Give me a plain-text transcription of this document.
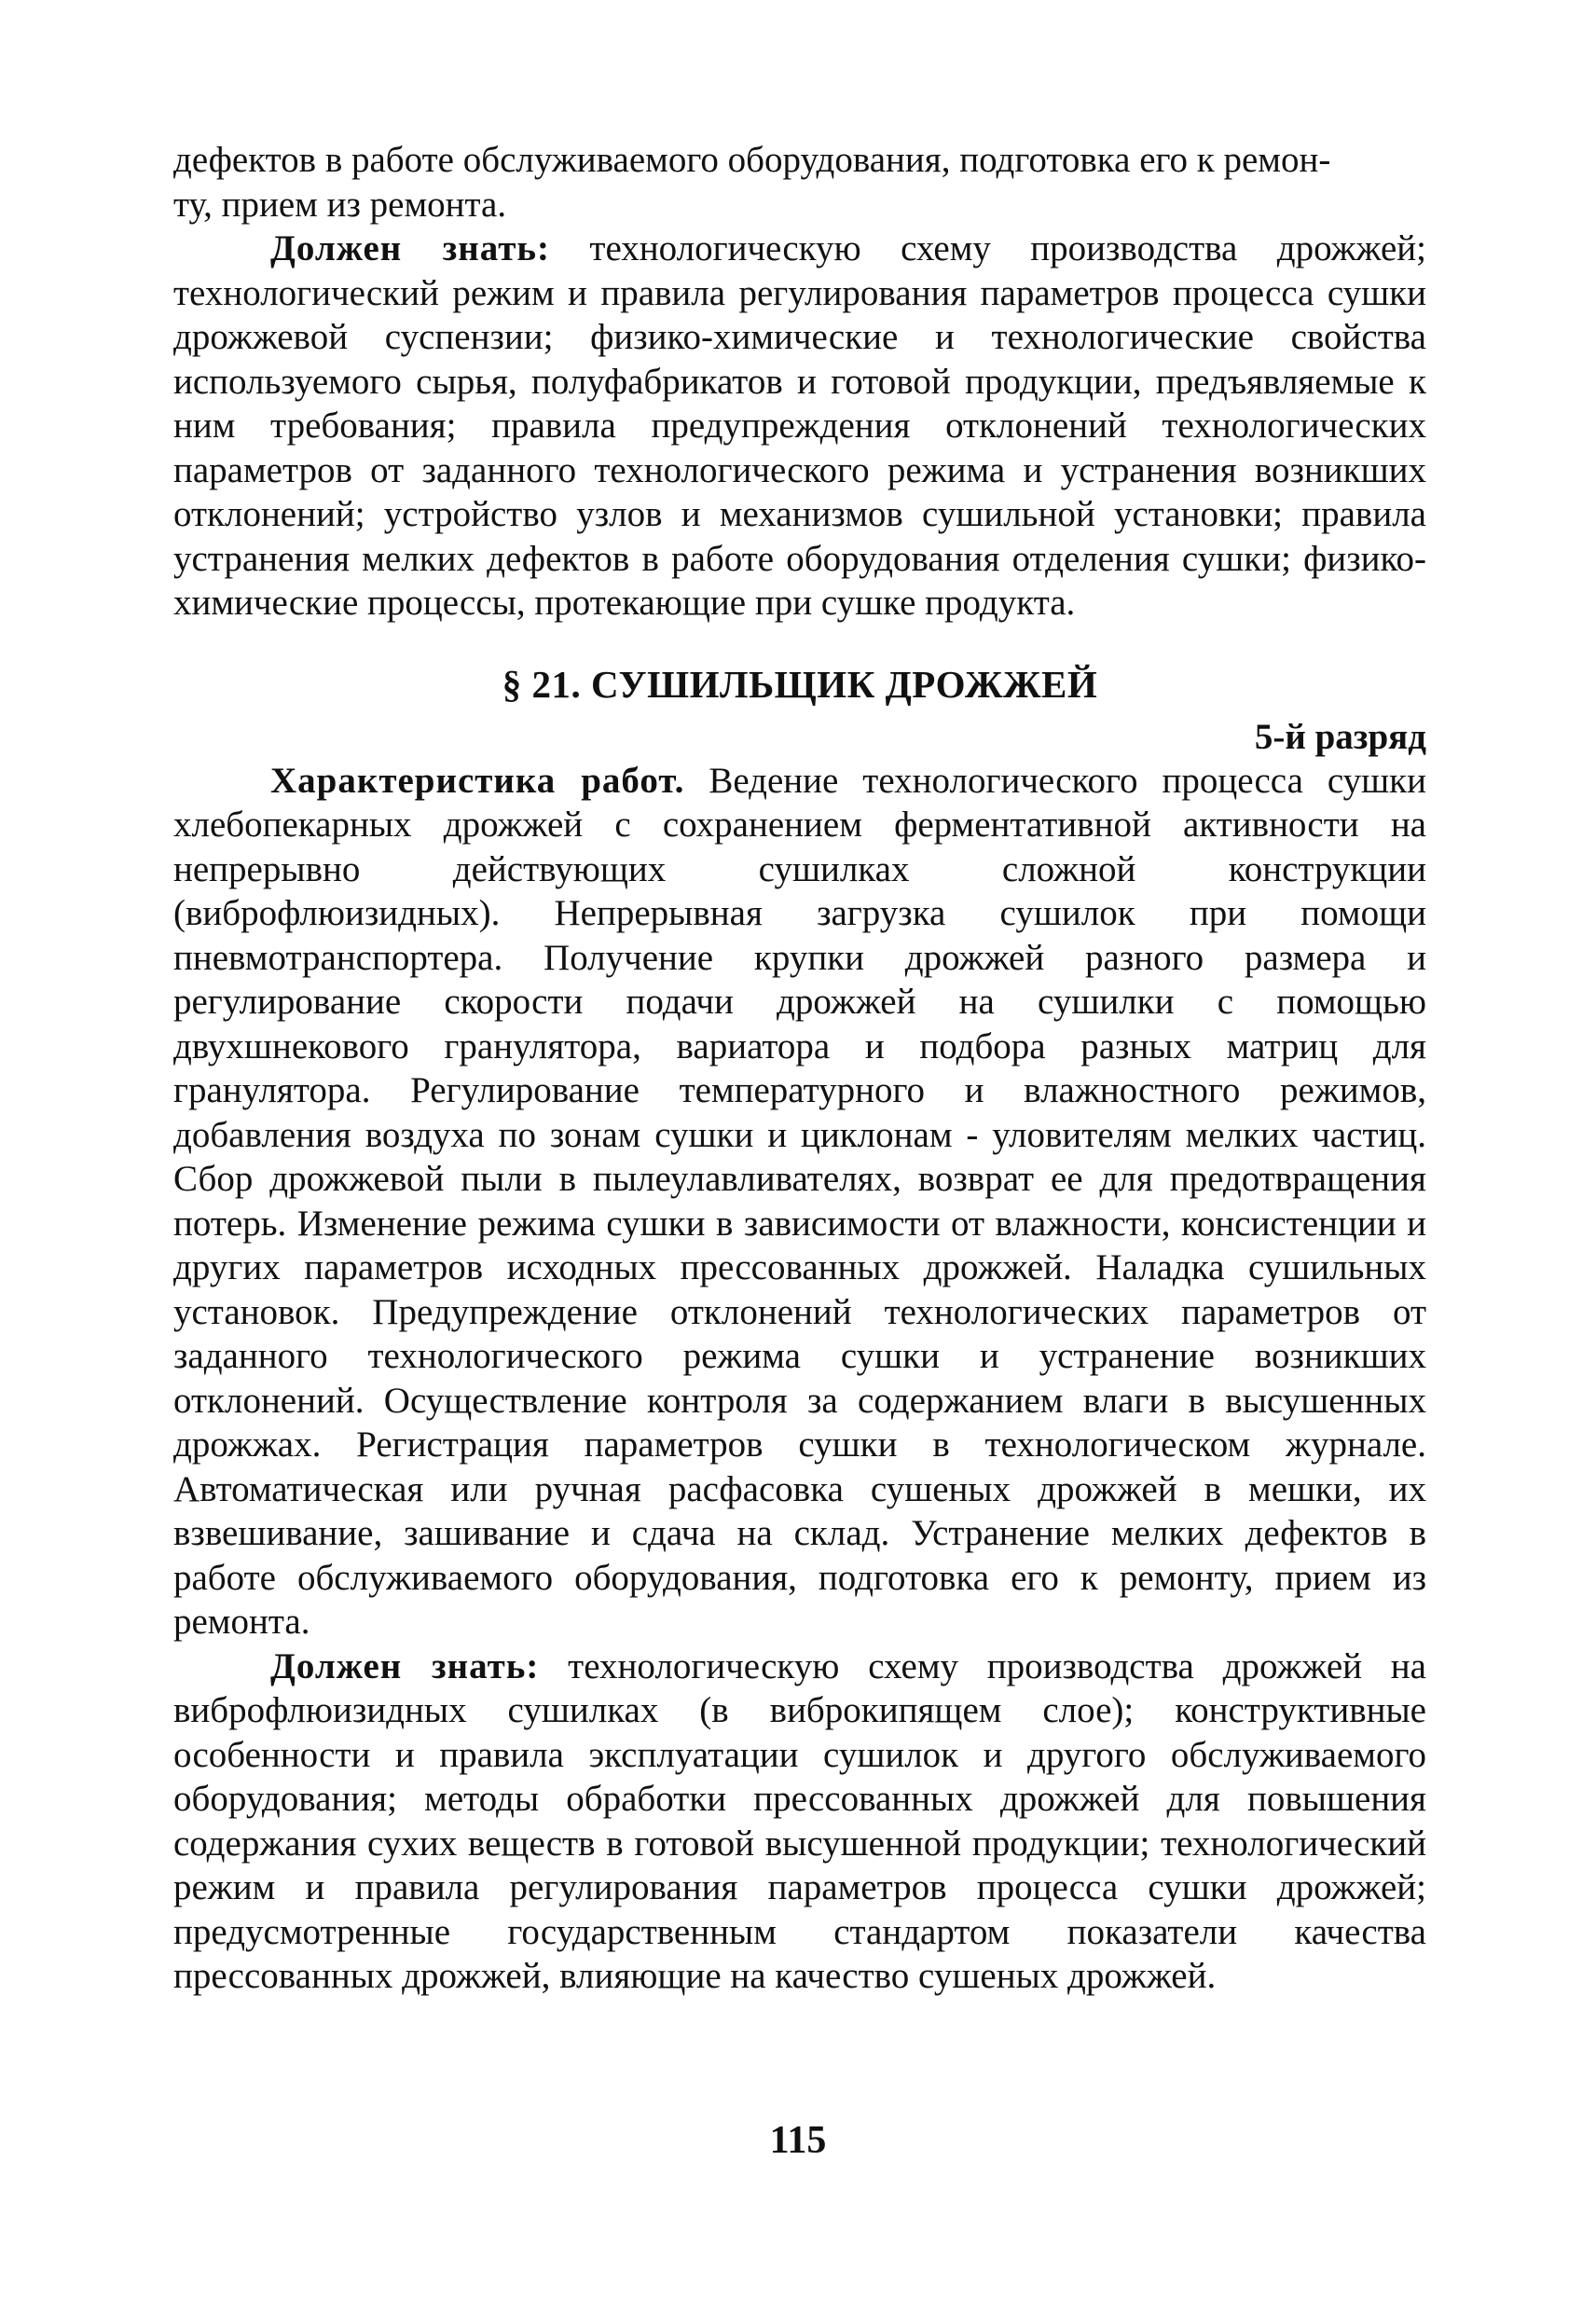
дефектов в работе обслуживаемого оборудования, подготовка его к ремон-
ту, прием из ремонта.

Должен знать: технологическую схему производства дрожжей; технологический режим и правила регулирования параметров процесса сушки дрожжевой суспензии; физико-химические и технологические свойства используемого сырья, полуфабрикатов и готовой продукции, предъявляемые к ним требования; правила предупреждения отклонений технологических параметров от заданного технологического режима и устранения возникших отклонений; устройство узлов и механизмов сушильной установки; правила устранения мелких дефектов в работе оборудования отделения сушки; физико-химические процессы, протекающие при сушке продукта.

§ 21. СУШИЛЬЩИК ДРОЖЖЕЙ

5-й разряд

Характеристика работ. Ведение технологического процесса сушки хлебопекарных дрожжей с сохранением ферментативной активности на непрерывно действующих сушилках сложной конструкции (виброфлюизидных). Непрерывная загрузка сушилок при помощи пневмотранспортера. Получение крупки дрожжей разного размера и регулирование скорости подачи дрожжей на сушилки с помощью двухшнекового гранулятора, вариатора и подбора разных матриц для гранулятора. Регулирование температурного и влажностного режимов, добавления воздуха по зонам сушки и циклонам - уловителям мелких частиц. Сбор дрожжевой пыли в пылеулавливателях, возврат ее для предотвращения потерь. Изменение режима сушки в зависимости от влажности, консистенции и других параметров исходных прессованных дрожжей. Наладка сушильных установок. Предупреждение отклонений технологических параметров от заданного технологического режима сушки и устранение возникших отклонений. Осуществление контроля за содержанием влаги в высушенных дрожжах. Регистрация параметров сушки в технологическом журнале. Автоматическая или ручная расфасовка сушеных дрожжей в мешки, их взвешивание, зашивание и сдача на склад. Устранение мелких дефектов в работе обслуживаемого оборудования, подготовка его к ремонту, прием из ремонта.

Должен знать: технологическую схему производства дрожжей на виброфлюизидных сушилках (в виброкипящем слое); конструктивные особенности и правила эксплуатации сушилок и другого обслуживаемого оборудования; методы обработки прессованных дрожжей для повышения содержания сухих веществ в готовой высушенной продукции; технологический режим и правила регулирования параметров процесса сушки дрожжей; предусмотренные государственным стандартом показатели качества прессованных дрожжей, влияющие на качество сушеных дрожжей.

115
